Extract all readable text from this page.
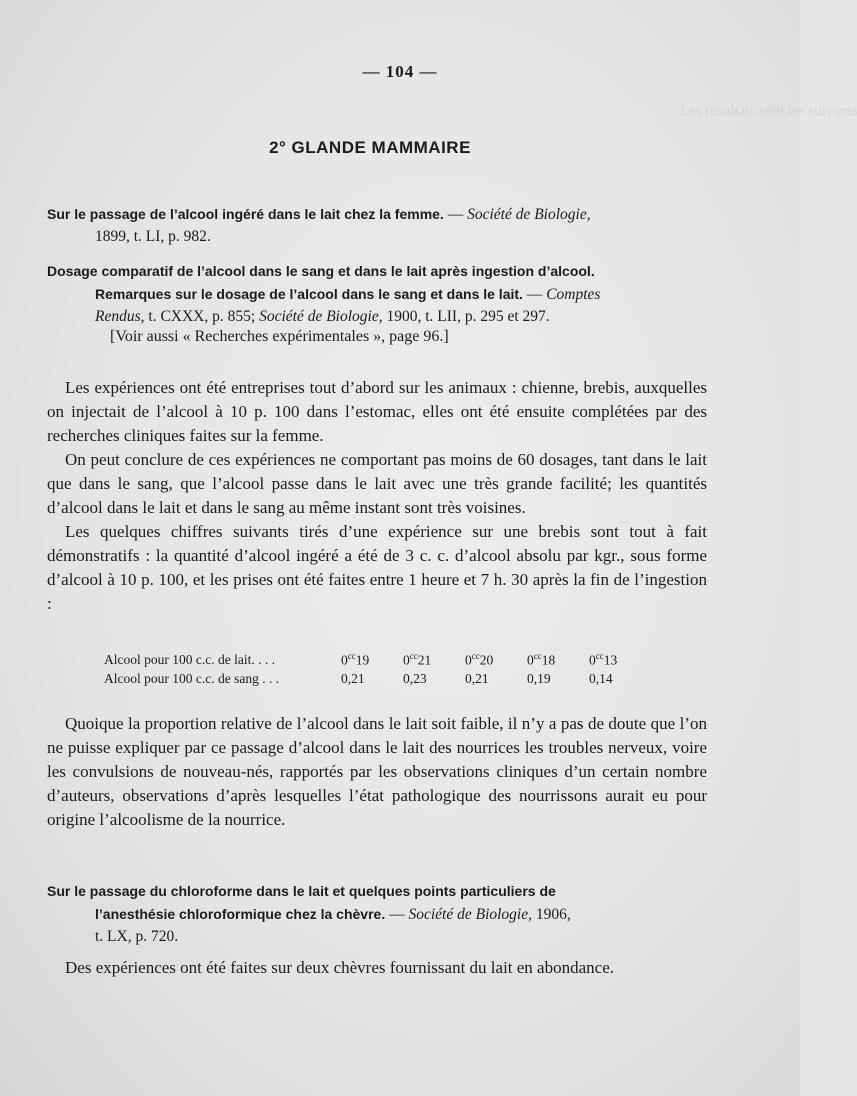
Les résultats sont les suivants
— 104 —
2° GLANDE MAMMAIRE
Sur le passage de l’alcool ingéré dans le lait chez la femme. — Société de Biologie,
1899, t. LI, p. 982.
Dosage comparatif de l’alcool dans le sang et dans le lait après ingestion d’alcool.
Remarques sur le dosage de l’alcool dans le sang et dans le lait. — Comptes
Rendus, t. CXXX, p. 855; Société de Biologie, 1900, t. LII, p. 295 et 297.
[Voir aussi « Recherches expérimentales », page 96.]

Les expériences ont été entreprises tout d’abord sur les animaux : chienne, brebis, auxquelles on injectait de l’alcool à 10 p. 100 dans l’estomac, elles ont été ensuite complétées par des recherches cliniques faites sur la femme.

On peut conclure de ces expériences ne comportant pas moins de 60 dosages, tant dans le lait que dans le sang, que l’alcool passe dans le lait avec une très grande facilité; les quantités d’alcool dans le lait et dans le sang au même instant sont très voisines.

Les quelques chiffres suivants tirés d’une expérience sur une brebis sont tout à fait démonstratifs : la quantité d’alcool ingéré a été de 3 c. c. d’alcool absolu par kgr., sous forme d’alcool à 10 p. 100, et les prises ont été faites entre 1 heure et 7 h. 30 après la fin de l’ingestion :

Alcool pour 100 c.c. de lait. . . .	$0^{cc}19$	$0^{cc}21$	$0^{cc}20$	$0^{cc}18$	$0^{cc}13$
Alcool pour 100 c.c. de sang . . .	0,21	0,23	0,21	0,19	0,14

Quoique la proportion relative de l’alcool dans le lait soit faible, il n’y a pas de doute que l’on ne puisse expliquer par ce passage d’alcool dans le lait des nourrices les troubles nerveux, voire les convulsions de nouveau-nés, rapportés par les observations cliniques d’un certain nombre d’auteurs, observations d’après lesquelles l’état pathologique des nourrissons aurait eu pour origine l’alcoolisme de la nourrice.

Sur le passage du chloroforme dans le lait et quelques points particuliers de
l’anesthésie chloroformique chez la chèvre. — Société de Biologie, 1906,
t. LX, p. 720.

Des expériences ont été faites sur deux chèvres fournissant du lait en abondance.
